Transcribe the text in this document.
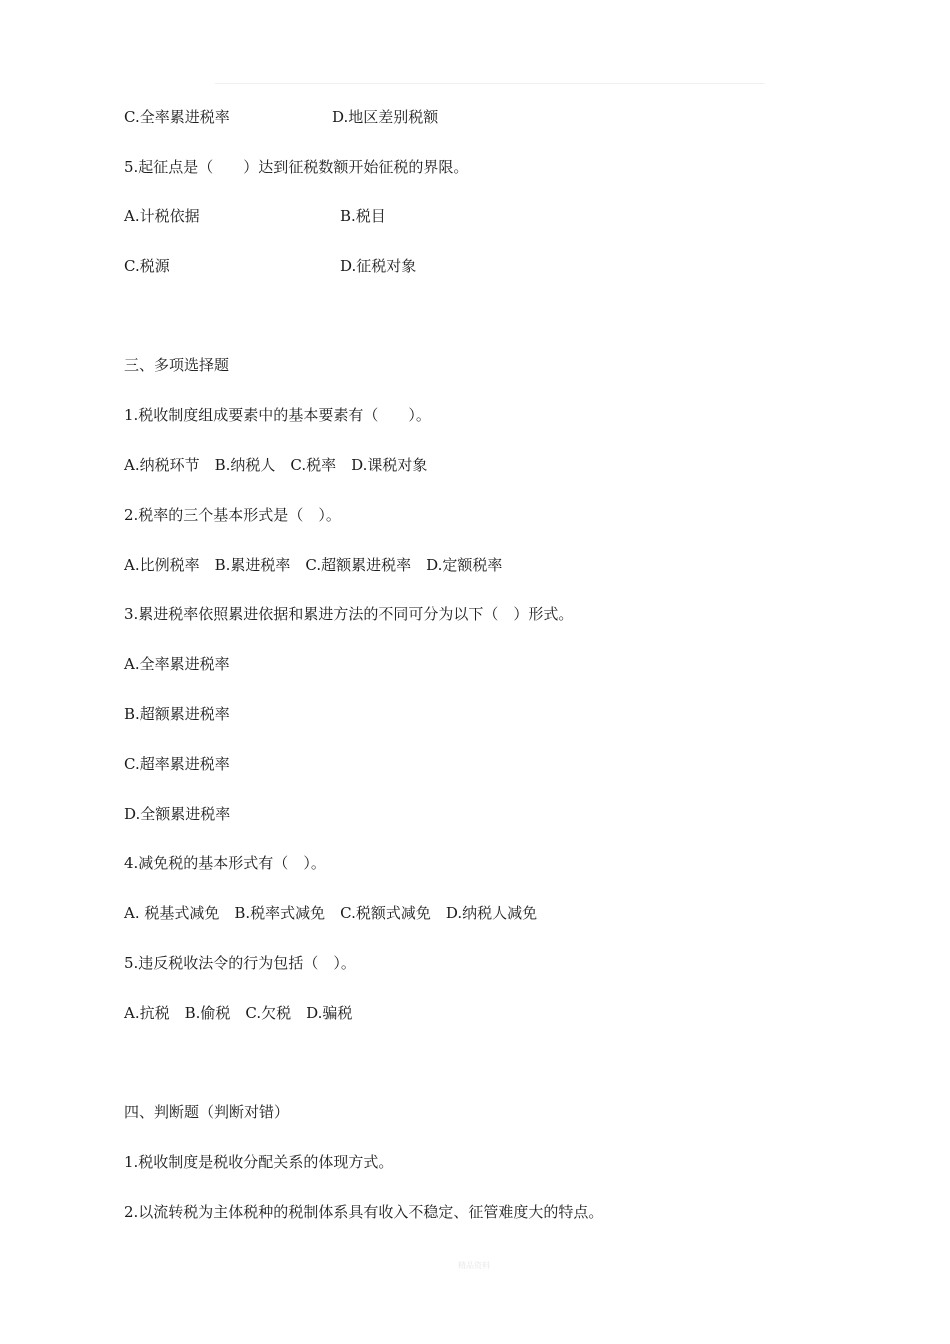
C.全率累进税率	D.地区差别税额
5.起征点是（　　）达到征税数额开始征税的界限。
A.计税依据	B.税目
C.税源	D.征税对象
三、多项选择题
1.税收制度组成要素中的基本要素有（　　）。
A.纳税环节　B.纳税人　C.税率　D.课税对象
2.税率的三个基本形式是（　）。
A.比例税率　B.累进税率　C.超额累进税率　D.定额税率
3.累进税率依照累进依据和累进方法的不同可分为以下（　）形式。
A.全率累进税率
B.超额累进税率
C.超率累进税率
D.全额累进税率
4.减免税的基本形式有（　）。
A. 税基式减免　B.税率式减免　C.税额式减免　D.纳税人减免
5.违反税收法令的行为包括（　）。
A.抗税　B.偷税　C.欠税　D.骗税
四、判断题（判断对错）
1.税收制度是税收分配关系的体现方式。
2.以流转税为主体税种的税制体系具有收入不稳定、征管难度大的特点。
精品资料
